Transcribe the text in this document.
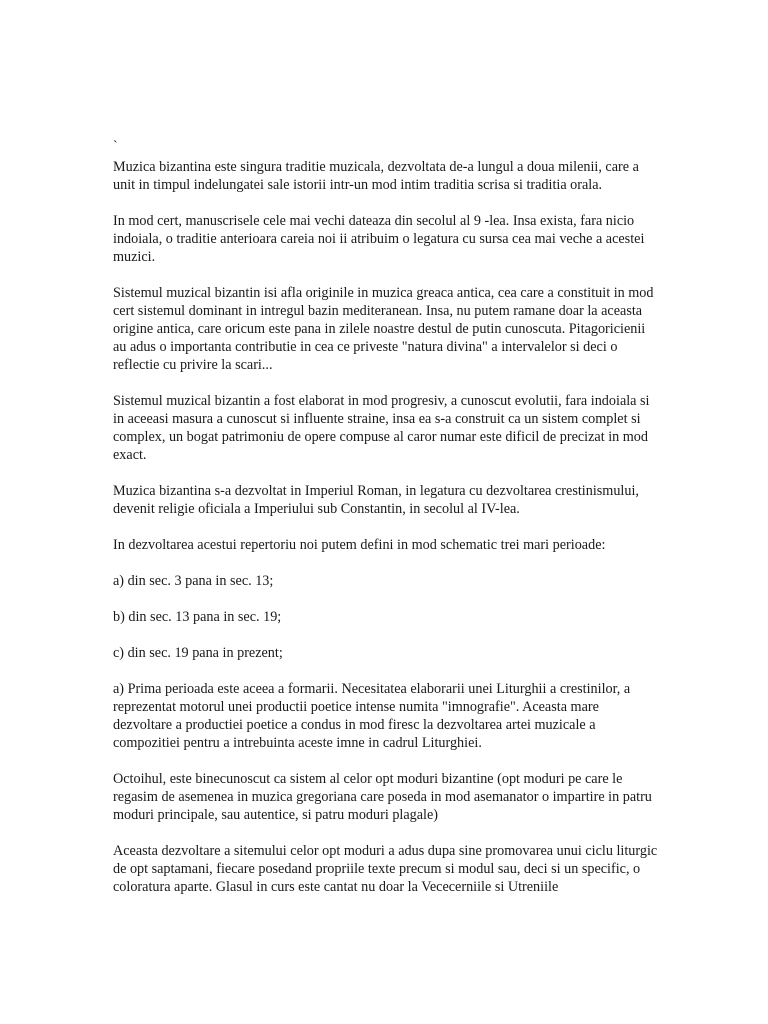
`

Muzica bizantina este singura traditie muzicala, dezvoltata de-a lungul a doua milenii, care a unit in timpul indelungatei sale istorii intr-un mod intim traditia scrisa si traditia orala.

In mod cert, manuscrisele cele mai vechi dateaza din secolul al 9 -lea. Insa exista, fara nicio indoiala, o traditie anterioara careia noi ii atribuim o legatura cu sursa cea mai veche a acestei muzici.

Sistemul muzical bizantin isi afla originile in muzica greaca antica, cea care a constituit in mod cert sistemul dominant in intregul bazin mediteranean. Insa, nu putem ramane doar la aceasta origine antica, care oricum este pana in zilele noastre destul de putin cunoscuta. Pitagoricienii au adus o importanta contributie in cea ce priveste "natura divina" a intervalelor si deci o reflectie cu privire la scari...

Sistemul muzical bizantin a fost elaborat in mod progresiv, a cunoscut evolutii, fara indoiala si in aceeasi masura a cunoscut si influente straine, insa ea s-a construit ca un sistem complet si complex, un bogat patrimoniu de opere compuse al caror numar este dificil de precizat in mod exact.

Muzica bizantina s-a dezvoltat in Imperiul Roman, in legatura cu dezvoltarea crestinismului, devenit religie oficiala a Imperiului sub Constantin, in secolul al IV-lea.

In dezvoltarea acestui repertoriu noi putem defini in mod schematic trei mari perioade:

a) din sec. 3 pana in sec. 13;

b) din sec. 13 pana in sec. 19;

c) din sec. 19 pana in prezent;

a) Prima perioada este aceea a formarii. Necesitatea elaborarii unei Liturghii a crestinilor, a reprezentat motorul unei productii poetice intense numita "imnografie". Aceasta mare dezvoltare a productiei poetice a condus in mod firesc la dezvoltarea artei muzicale a compozitiei pentru a intrebuinta aceste imne in cadrul Liturghiei.

Octoihul, este binecunoscut ca sistem al celor opt moduri bizantine (opt moduri pe care le regasim de asemenea in muzica gregoriana care poseda in mod asemanator o impartire in patru moduri principale, sau autentice, si patru moduri plagale)

Aceasta dezvoltare a sitemului celor opt moduri a adus dupa sine promovarea unui ciclu liturgic de opt saptamani, fiecare posedand propriile texte precum si modul sau, deci si un specific, o coloratura aparte. Glasul in curs este cantat nu doar la Vececerniile si Utreniile
